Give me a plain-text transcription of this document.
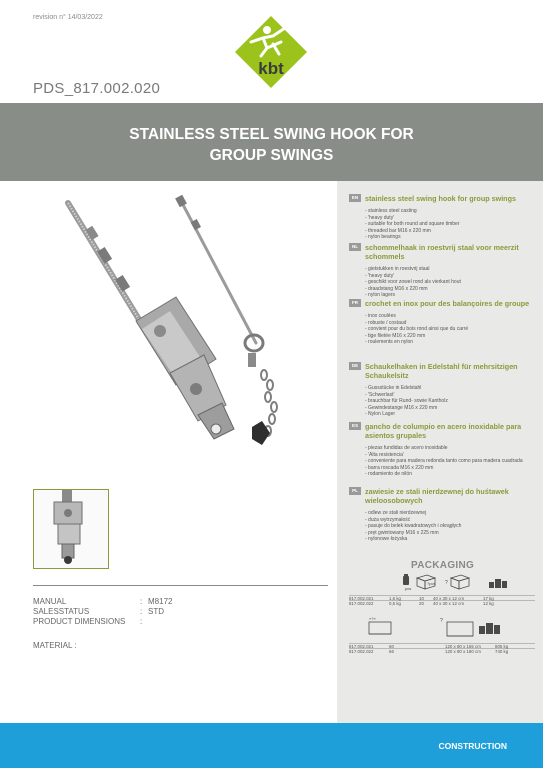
revision n° 14/03/2022
kbt
PDS_817.002.020
STAINLESS STEEL SWING HOOK FOR
GROUP SWINGS
MANUAL	: M8172
SALESSTATUS	: STD
PRODUCT DIMENSIONS	:
MATERIAL :
EN stainless steel swing hook for group swings
- stainless steel casting
- 'heavy duty'
- suitable for both round and square timber
- threaded bar M16 x 220 mm
- nylon bearings
NL schommelhaak in roestvrij staal voor meerzit schommels
- gietstukken in roestvrij staal
- 'heavy duty'
- geschikt voor zowel rond als vierkant hout
- draadstang M16 x 220 mm
- nylon lagers
FR crochet en inox pour des balançoires de groupe
- inox coulées
- robuste / costaud
- convient pour du bois rond ainsi que du carré
- tige filetée M16 x 220 mm
- roulements en nylon
DE Schaukelhaken in Edelstahl für mehrsitzigen Schaukelsitz
- Gussstücke in Edelstahl
- 'Schwerlast'
- brauchbar für Rund- sowie Kantholz
- Gewindestange M16 x 220 mm
- Nylon Lager
ES gancho de columpio en acero inoxidable para asientos grupales
- piezas fundidas de acero inoxidable
- 'Alta resistencia'
- conveniente para madera redonda tanto como para madera cuadrada
- barra roscada M16 x 220 mm
- rodamiento de nilón
PL zawiesie ze stali nierdzewnej do huśtawek wieloosobowych
- odlew ze stali nierdzewnej
- duża wytrzymałość
- pasuje do belek kwadratowych i okrągłych
- pręt gwintowany M16 x 225 mm
- nylonowe łożyska
PACKAGING
pcs
?pcs ?
817.002.021	1,6 kg	10	40 x 30 x 12 cm	17 kg
817.002.022	0,5 kg	20	40 x 30 x 12 cm	12 kg
»?»	?
817.002.021	60	120 x 80 x 165 cm	805 kg
817.002.022	66	120 x 80 x 180 cm	740 kg
CONSTRUCTION
